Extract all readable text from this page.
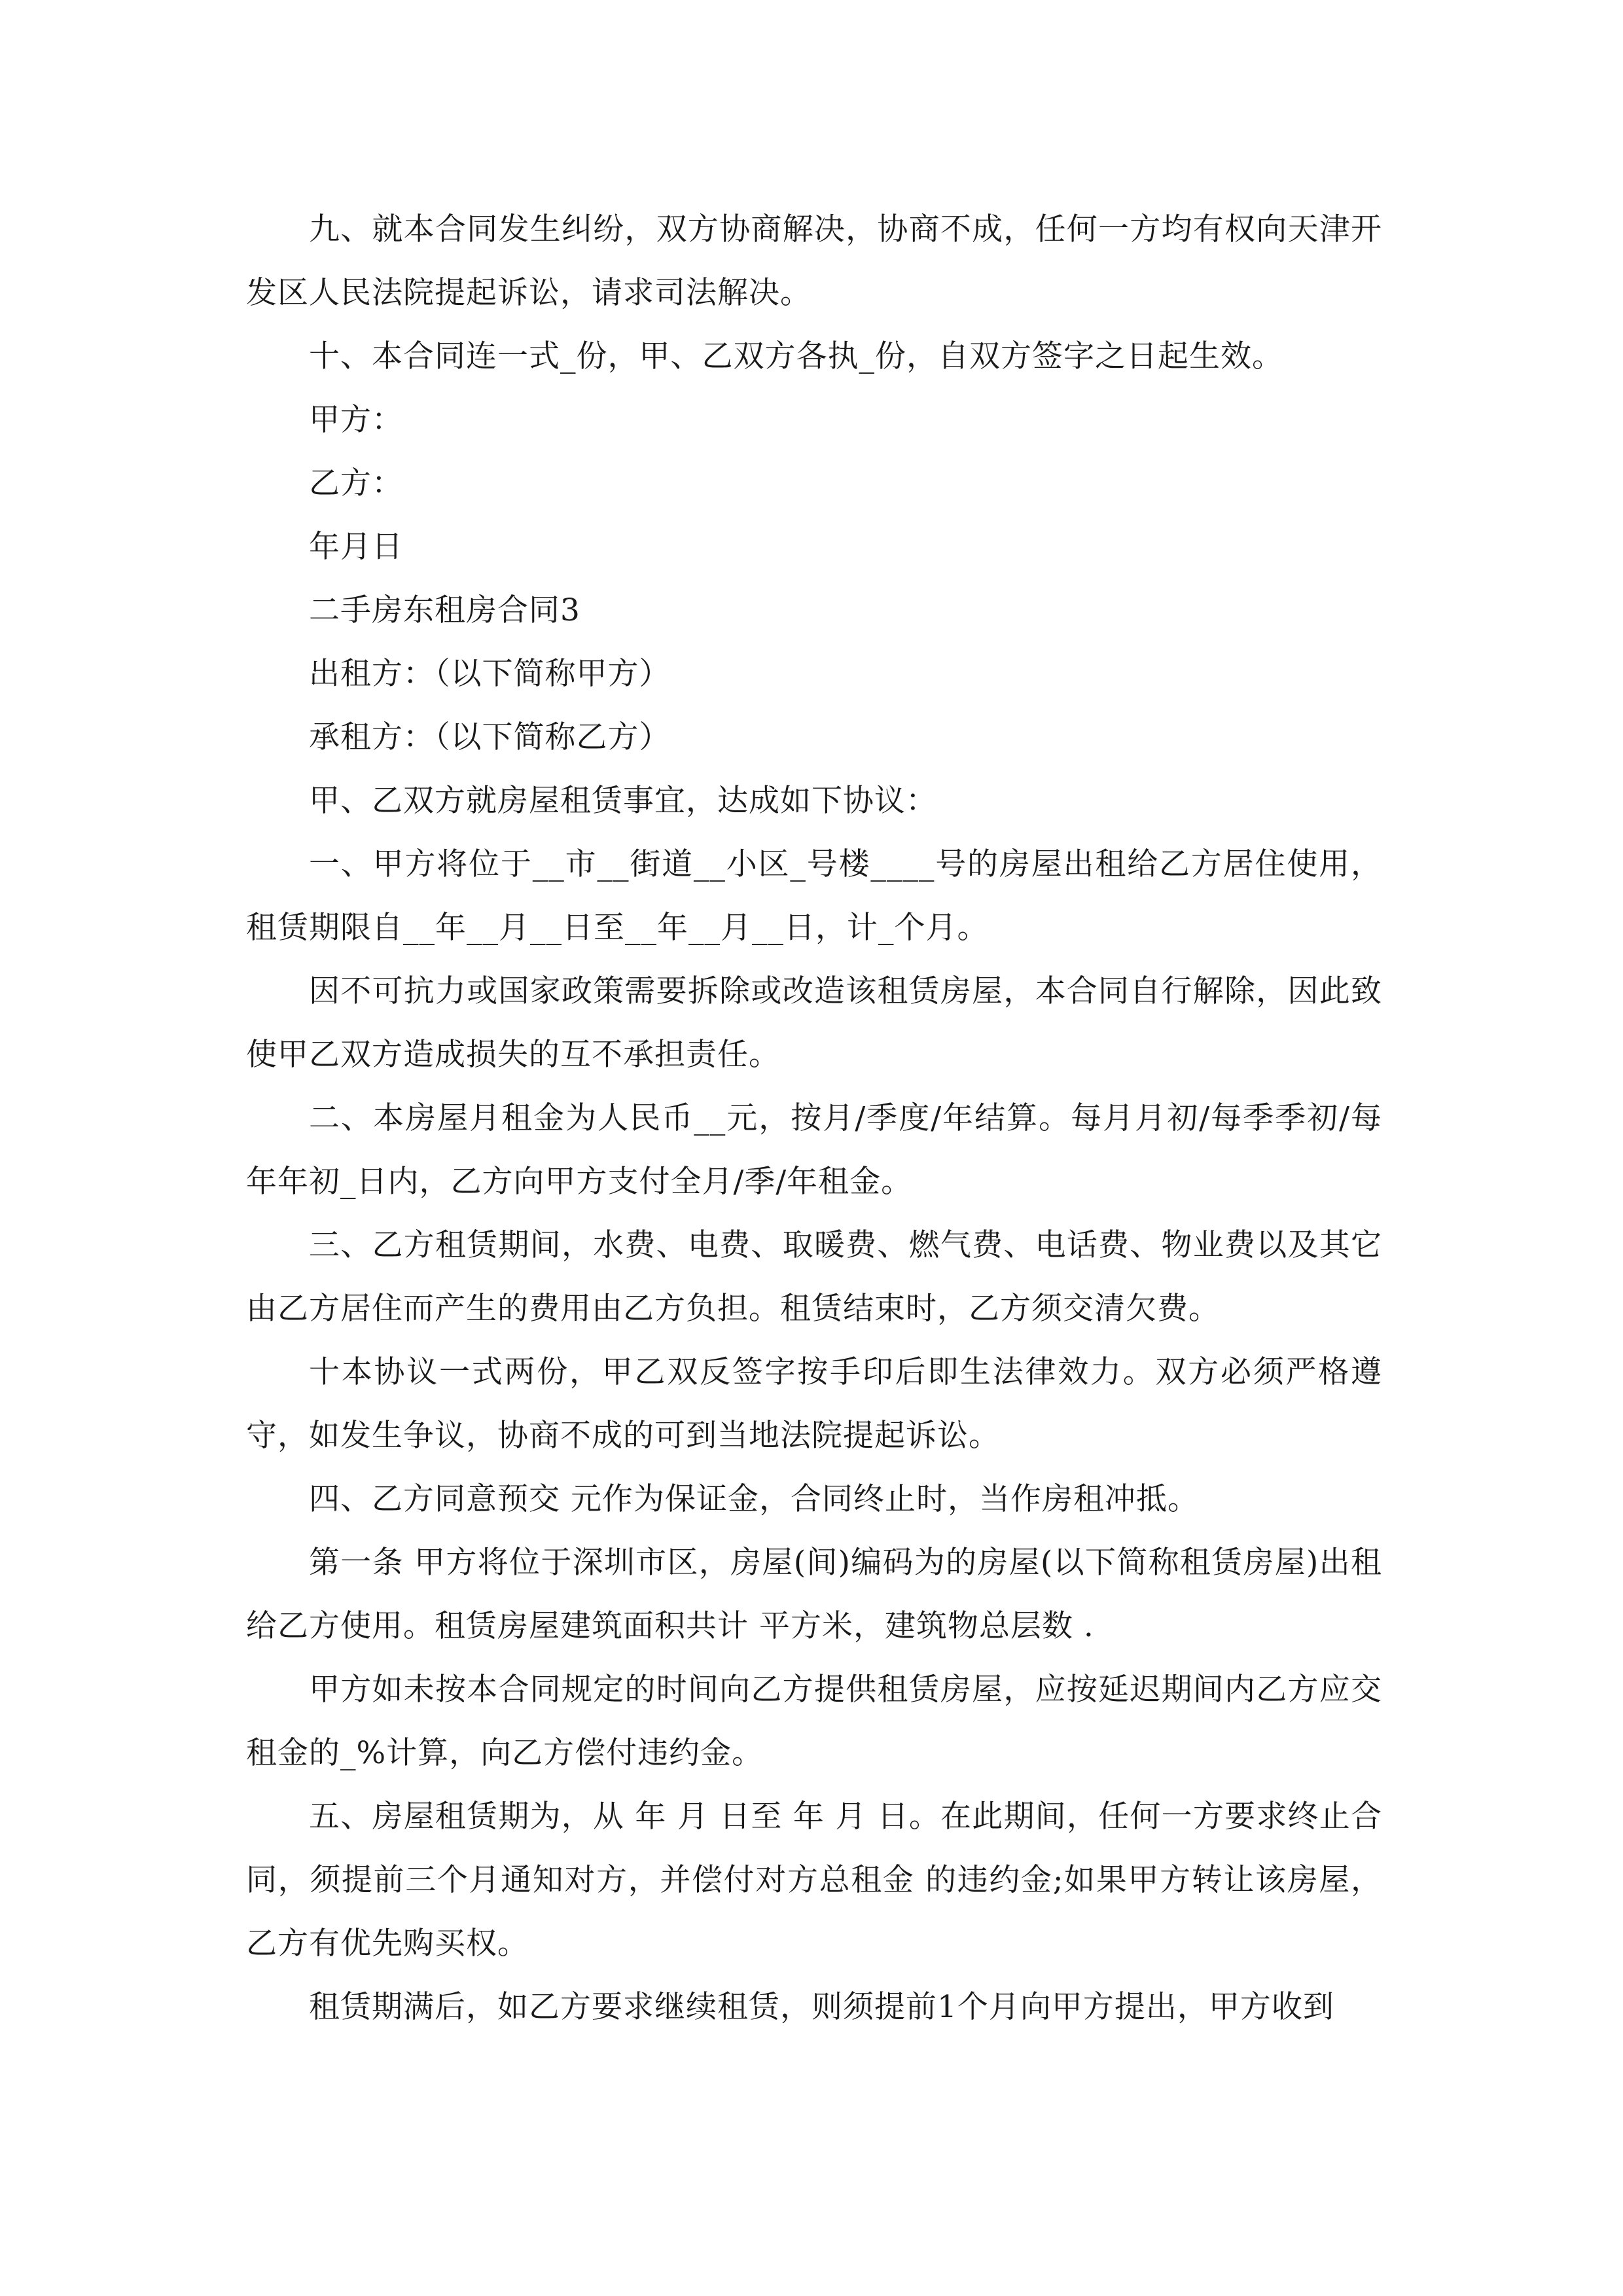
九、就本合同发生纠纷，双方协商解决，协商不成，任何一方均有权向天津开发区人民法院提起诉讼，请求司法解决。

十、本合同连一式_份，甲、乙双方各执_份，自双方签字之日起生效。

甲方：

乙方：

年月日

二手房东租房合同3

出租方：（以下简称甲方）

承租方：（以下简称乙方）

甲、乙双方就房屋租赁事宜，达成如下协议：

一、甲方将位于__市__街道__小区_号楼____号的房屋出租给乙方居住使用，租赁期限自__年__月__日至__年__月__日，计_个月。

因不可抗力或国家政策需要拆除或改造该租赁房屋，本合同自行解除，因此致使甲乙双方造成损失的互不承担责任。

二、本房屋月租金为人民币__元，按月/季度/年结算。每月月初/每季季初/每年年初_日内，乙方向甲方支付全月/季/年租金。

三、乙方租赁期间，水费、电费、取暖费、燃气费、电话费、物业费以及其它由乙方居住而产生的费用由乙方负担。租赁结束时，乙方须交清欠费。

十本协议一式两份，甲乙双反签字按手印后即生法律效力。双方必须严格遵守，如发生争议，协商不成的可到当地法院提起诉讼。

四、乙方同意预交 元作为保证金，合同终止时，当作房租冲抵。

第一条 甲方将位于深圳市区，房屋(间)编码为的房屋(以下简称租赁房屋)出租给乙方使用。租赁房屋建筑面积共计 平方米，建筑物总层数 .

甲方如未按本合同规定的时间向乙方提供租赁房屋，应按延迟期间内乙方应交租金的_%计算，向乙方偿付违约金。

五、房屋租赁期为，从 年 月 日至 年 月 日。在此期间，任何一方要求终止合同，须提前三个月通知对方，并偿付对方总租金 的违约金;如果甲方转让该房屋，乙方有优先购买权。

租赁期满后，如乙方要求继续租赁，则须提前1个月向甲方提出，甲方收到
